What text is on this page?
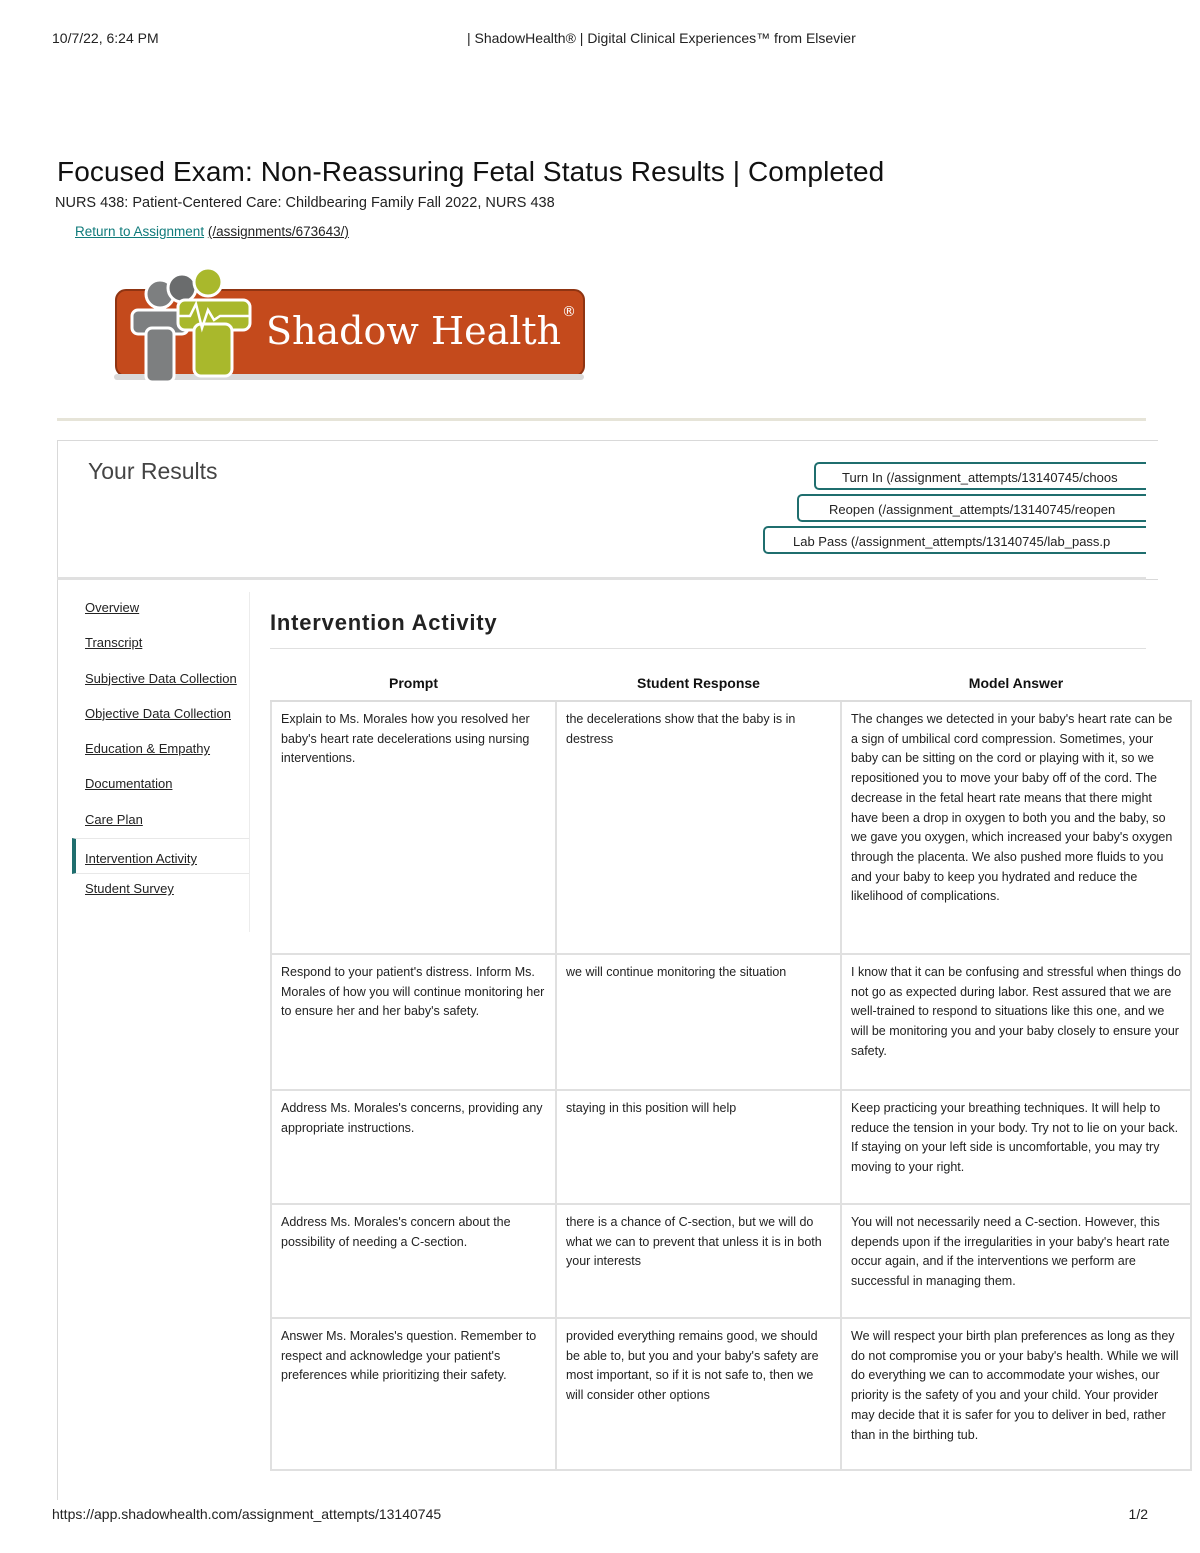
10/7/22, 6:24 PM	| ShadowHealth® | Digital Clinical Experiences™ from Elsevier
Focused Exam: Non-Reassuring Fetal Status Results | Completed
NURS 438: Patient-Centered Care: Childbearing Family Fall 2022, NURS 438
Return to Assignment (/assignments/673643/)
Shadow Health ®
Your Results	Turn In (/assignment_attempts/13140745/choos
Reopen (/assignment_attempts/13140745/reopen
Lab Pass (/assignment_attempts/13140745/lab_pass.p
Overview
Transcript
Subjective Data Collection
Objective Data Collection
Education & Empathy
Documentation
Care Plan
Intervention Activity
Student Survey
Intervention Activity
Prompt	Student Response	Model Answer
Explain to Ms. Morales how you resolved her baby's heart rate decelerations using nursing interventions.	the decelerations show that the baby is in destress	The changes we detected in your baby's heart rate can be a sign of umbilical cord compression. Sometimes, your baby can be sitting on the cord or playing with it, so we repositioned you to move your baby off of the cord. The decrease in the fetal heart rate means that there might have been a drop in oxygen to both you and the baby, so we gave you oxygen, which increased your baby's oxygen through the placenta. We also pushed more fluids to you and your baby to keep you hydrated and reduce the likelihood of complications.
Respond to your patient's distress. Inform Ms. Morales of how you will continue monitoring her to ensure her and her baby's safety.	we will continue monitoring the situation	I know that it can be confusing and stressful when things do not go as expected during labor. Rest assured that we are well-trained to respond to situations like this one, and we will be monitoring you and your baby closely to ensure your safety.
Address Ms. Morales's concerns, providing any appropriate instructions.	staying in this position will help	Keep practicing your breathing techniques. It will help to reduce the tension in your body. Try not to lie on your back. If staying on your left side is uncomfortable, you may try moving to your right.
Address Ms. Morales's concern about the possibility of needing a C-section.	there is a chance of C-section, but we will do what we can to prevent that unless it is in both your interests	You will not necessarily need a C-section. However, this depends upon if the irregularities in your baby's heart rate occur again, and if the interventions we perform are successful in managing them.
Answer Ms. Morales's question. Remember to respect and acknowledge your patient's preferences while prioritizing their safety.	provided everything remains good, we should be able to, but you and your baby's safety are most important, so if it is not safe to, then we will consider other options	We will respect your birth plan preferences as long as they do not compromise you or your baby's health. While we will do everything we can to accommodate your wishes, our priority is the safety of you and your child. Your provider may decide that it is safer for you to deliver in bed, rather than in the birthing tub.
https://app.shadowhealth.com/assignment_attempts/13140745	1/2
